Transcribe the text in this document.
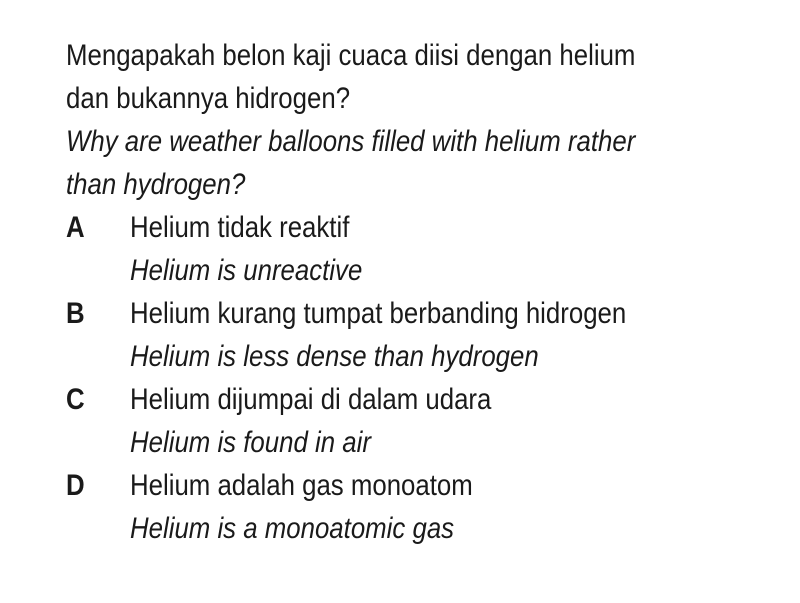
Mengapakah belon kaji cuaca diisi dengan helium
dan bukannya hidrogen?
Why are weather balloons filled with helium rather
than hydrogen?
A Helium tidak reaktif
Helium is unreactive
B Helium kurang tumpat berbanding hidrogen
Helium is less dense than hydrogen
C Helium dijumpai di dalam udara
Helium is found in air
D Helium adalah gas monoatom
Helium is a monoatomic gas
